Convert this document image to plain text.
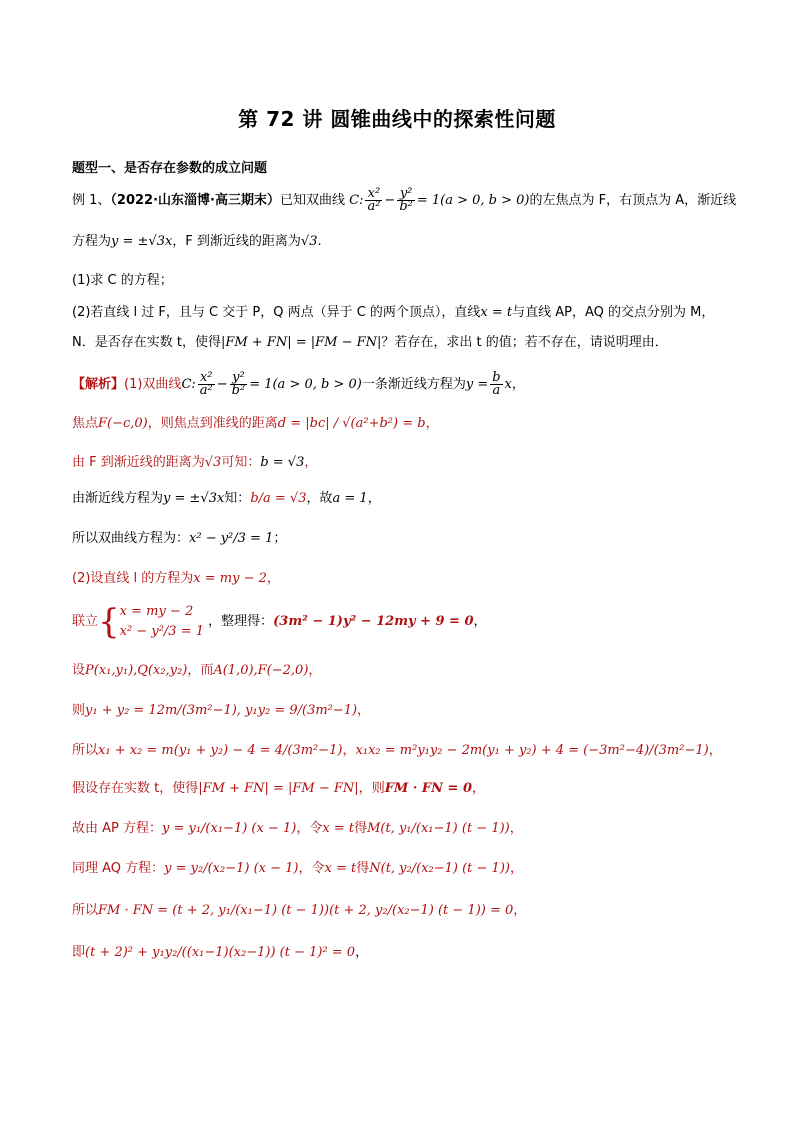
第 72 讲 圆锥曲线中的探索性问题
题型一、是否存在参数的成立问题
例 1、（2022·山东淄博·高三期末）已知双曲线 C: $\frac{\text{x²}}{\text{a²}} - \frac{\text{y²}}{\text{b²}} = 1(a > 0$, b > 0)的左焦点为 F，右顶点为 A，渐近线
方程为y = ±√3x，F 到渐近线的距离为√3.
(1)求 C 的方程；
(2)若直线 l 过 F，且与 C 交于 P，Q 两点（异于 C 的两个顶点），直线x = t与直线 AP，AQ 的交点分别为 M，
N．是否存在实数 t，使得|FM + FN| = |FM − FN|？若存在，求出 t 的值；若不存在，请说明理由．
【解析】(1)双曲线C: $\frac{\text{x²}}{\text{a²}} - \frac{\text{y²}}{\text{b²}} = 1(a > 0$, b > 0)一条渐近线方程为$y = \frac{b}{a}$ x，
焦点F(−c,0)，则焦点到准线的距离d = |bc| / √(a²+b²) = b，
由 F 到渐近线的距离为√3可知：b = √3，
由渐近线方程为y = ±√3x知：b/a = √3，故a = 1，
所以双曲线方程为：x² − y²/3 = 1；
(2)设直线 l 的方程为x = my − 2，
联立{ x = my − 2
x² − y²/3 = 1
，整理得：(3m² − 1)y² − 12my + 9 = 0，
设P(x₁,y₁),Q(x₂,y₂)，而A(1,0),F(−2,0)，
则y₁ + y₂ = 12m/(3m²−1), y₁y₂ = 9/(3m²−1)，
所以x₁ + x₂ = m(y₁ + y₂) − 4 = 4/(3m²−1)，x₁x₂ = m²y₁y₂ − 2m(y₁ + y₂) + 4 = (−3m²−4)/(3m²−1)，
假设存在实数 t，使得|FM + FN| = |FM − FN|，则FM · FN = 0，
故由 AP 方程：y = y₁/(x₁−1) (x − 1)，令x = t得M(t, y₁/(x₁−1) (t − 1))，
同理 AQ 方程：y = y₂/(x₂−1) (x − 1)，令x = t得N(t, y₂/(x₂−1) (t − 1))，
所以FM · FN = (t + 2, y₁/(x₁−1) (t − 1))(t + 2, y₂/(x₂−1) (t − 1)) = 0，
即(t + 2)² + y₁y₂/((x₁−1)(x₂−1)) (t − 1)² = 0，
